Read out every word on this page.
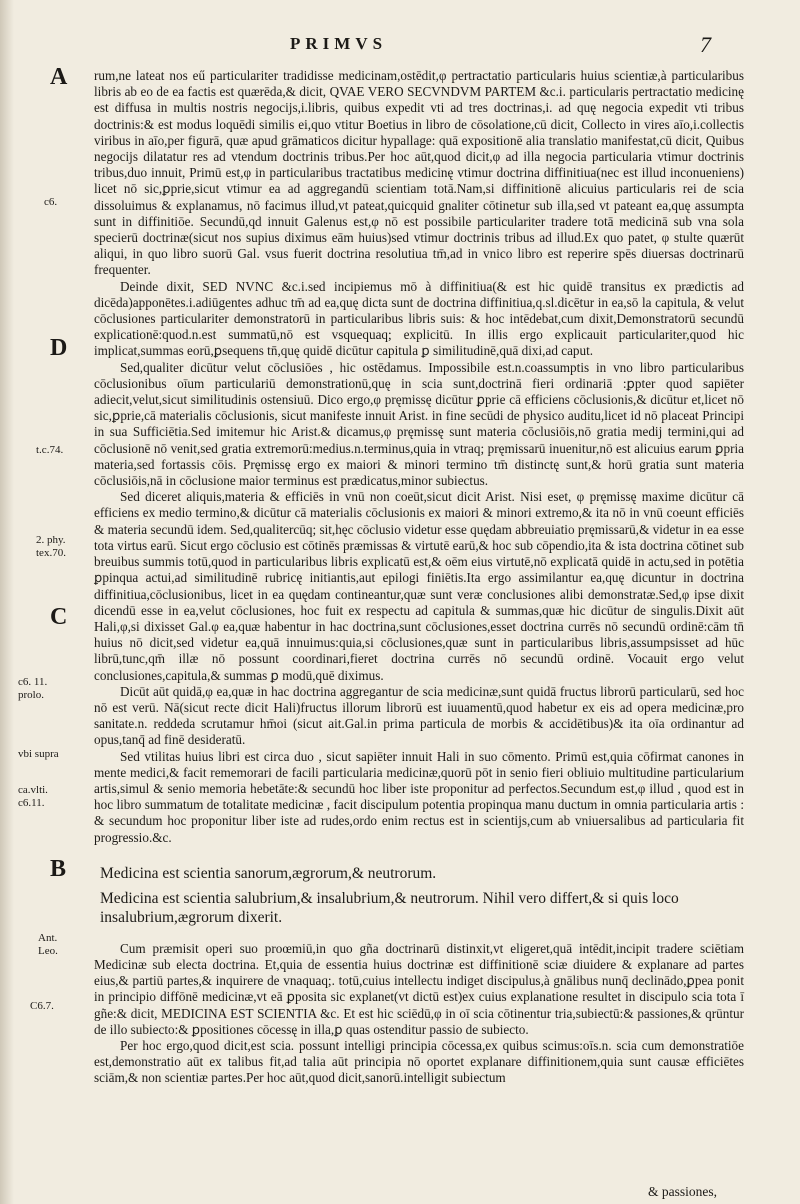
PRIMVS	7
A
D
C
B
c6.
t.c.74.
2. phy.
tex.70.
c6. 11.
prolo.
vbi supra
ca.vlti.
c6.11.
Ant.
Leo.
C6.7.

rum,ne lateat nos eű particulariter tradidisse medicinam,ostēdit,φ pertractatio particularis huius scientiæ,à particularibus libris ab eo de ea factis est quærēda,& dicit, QVAE VERO SECVNDVM PARTEM &c.i. particularis pertractatio medicinę est diffusa in multis nostris negocijs,i.libris, quibus expedit vti ad tres doctrinas,i. ad quę negocia expedit vti tribus doctrinis:& est modus loquēdi similis ei,quo vtitur Boetius in libro de cōsolatione,cū dicit, Collecto in vires aīo,i.collectis viribus in aīo,per figurā, quæ apud grāmaticos dicitur hypallage: quā expositionē alia translatio manifestat,cū dicit, Quibus negocijs dilatatur res ad vtendum doctrinis tribus.Per hoc aūt,quod dicit,φ ad illa negocia particularia vtimur doctrinis tribus,duo innuit, Primū est,φ in particularibus tractatibus medicinę vtimur doctrina diffinitiua(nec est illud inconueniens) licet nō sic,ꝑprie,sicut vtimur ea ad aggregandū scientiam totā.Nam,si diffinitionē alicuius particularis rei de scia dissoluimus & explanamus, nō facimus illud,vt pateat,quicquid gnaliter cōtinetur sub illa,sed vt pateant ea,quę assumpta sunt in diffinitiōe. Secundū,qd innuit Galenus est,φ nō est possibile particulariter tradere totā medicinā sub vna sola specierū doctrinæ(sicut nos supius diximus eām huius)sed vtimur doctrinis tribus ad illud.Ex quo patet, φ stulte quærūt aliqui, in quo libro suorū Gal. vsus fuerit doctrina resolutiua tm̄,ad in vnico libro est reperire spēs diuersas doctrinarū frequenter.

Deinde dixit, SED NVNC &c.i.sed incipiemus mō à diffinitiua(& est hic quidē transitus ex prædictis ad dicēda)apponētes.i.adiūgentes adhuc tm̄ ad ea,quę dicta sunt de doctrina diffinitiua,q.sl.dicētur in ea,sō la capitula, & velut cōclusiones particulariter demonstratorū in particularibus libris suis: & hoc intēdebat,cum dixit,Demonstratorū secundū explicationē:quod.n.est summatū,nō est vsquequaq; explicitū. In illis ergo explicauit particulariter,quod hic implicat,summas eorū,ꝑsequens tn̄,quę quidē dicūtur capitula ꝑ similitudinē,quā dixi,ad caput.

Sed,qualiter dicūtur velut cōclusiōes , hic ostēdamus. Impossibile est.n.coassumptis in vno libro particularibus cōclusionibus oīum particulariū demonstrationū,quę in scia sunt,doctrinā fieri ordinariā :ꝑpter quod sapiēter adiecit,velut,sicut similitudinis ostensiuū. Dico ergo,φ pręmissę dicūtur ꝑprie cā efficiens cōclusionis,& dicūtur et,licet nō sic,ꝑprie,cā materialis cōclusionis, sicut manifeste innuit Arist. in fine secūdi de physico auditu,licet id nō placeat Principi in sua Sufficiētia.Sed imitemur hic Arist.& dicamus,φ pręmissę sunt materia cōclusiōis,nō gratia medij termini,qui ad cōclusionē nō venit,sed gratia extremorū:medius.n.terminus,quia in vtraq; pręmissarū inuenitur,nō est alicuius earum ꝑpria materia,sed fortassis cōis. Pręmissę ergo ex maiori & minori termino tm̄ distinctę sunt,& horū gratia sunt materia cōclusiōis,nā in cōclusione maior terminus est prædicatus,minor subiectus.

Sed diceret aliquis,materia & efficiēs in vnū non coeūt,sicut dicit Arist. Nisi eset, φ pręmissę maxime dicūtur cā efficiens ex medio termino,& dicūtur cā materialis cōclusionis ex maiori & minori extremo,& ita nō in vnū coeunt efficiēs & materia secundū idem. Sed,qualitercūq; sit,hęc cōclusio videtur esse quędam abbreuiatio pręmissarū,& videtur in ea esse tota virtus earū. Sicut ergo cōclusio est cōtinēs præmissas & virtutē earū,& hoc sub cōpendio,ita & ista doctrina cōtinet sub breuibus summis totū,quod in particularibus libris explicatū est,& oēm eius virtutē,nō explicatā quidē in actu,sed in potētia ꝑpinqua actui,ad similitudinē rubricę initiantis,aut epilogi finiētis.Ita ergo assimilantur ea,quę dicuntur in doctrina diffinitiua,cōclusionibus, licet in ea quędam contineantur,quæ sunt veræ conclusiones alibi demonstratæ.Sed,φ ipse dixit dicendū esse in ea,velut cōclusiones, hoc fuit ex respectu ad capitula & summas,quæ hic dicūtur de singulis.Dixit aūt Hali,φ,si dixisset Gal.φ ea,quæ habentur in hac doctrina,sunt cōclusiones,esset doctrina currēs nō secundū ordinē:cām tn̄ huius nō dicit,sed videtur ea,quā innuimus:quia,si cōclusiones,quæ sunt in particularibus libris,assumpsisset ad hūc librū,tunc,qm̄ illæ nō possunt coordinari,fieret doctrina currēs nō secundū ordinē. Vocauit ergo velut conclusiones,capitula,& summas ꝑ modū,quē diximus.

Dicūt aūt quidā,φ ea,quæ in hac doctrina aggregantur de scia medicinæ,sunt quidā fructus librorū particularū, sed hoc nō est verū. Nā(sicut recte dicit Hali)fructus illorum librorū est iuuamentū,quod habetur ex eis ad opera medicinæ,pro sanitate.n. reddeda scrutamur hm̄oi (sicut ait.Gal.in prima particula de morbis & accidētibus)& ita oīa ordinantur ad opus,tanq̄ ad finē desideratū.

Sed vtilitas huius libri est circa duo , sicut sapiēter innuit Hali in suo cōmento. Primū est,quia cōfirmat canones in mente medici,& facit rememorari de facili particularia medicinæ,quorū pōt in senio fieri obliuio multitudine particularium artis,simul & senio memoria hebetāte:& secundū hoc liber iste proponitur ad perfectos.Secundum est,φ illud , quod est in hoc libro summatum de totalitate medicinæ , facit discipulum potentia propinqua manu ductum in omnia particularia artis : & secundum hoc proponitur liber iste ad rudes,ordo enim rectus est in scientijs,cum ab vniuersalibus ad particularia fit progressio.&c.

Medicina est scientia sanorum,ægrorum,& neutrorum.

Medicina est scientia salubrium,& insalubrium,& neutrorum. Nihil vero differt,& si quis loco insalubrium,ægrorum dixerit.

Cum præmisit operi suo proœmiū,in quo gña doctrinarū distinxit,vt eligeret,quā intēdit,incipit tradere sciētiam Medicinæ sub electa doctrina. Et,quia de essentia huius doctrinæ est diffinitionē sciæ diuidere & explanare ad partes eius,& partiū partes,& inquirere de vnaquaq;. totū,cuius intellectu indiget discipulus,à gnālibus nunq̄ declinādo,ꝑpea ponit in principio diffōnē medicinæ,vt eā ꝑposita sic explanet(vt dictū est)ex cuius explanatione resultet in discipulo scia tota ī gñe:& dicit, MEDICINA EST SCIENTIA &c. Et est hic sciēdū,φ in oī scia cōtinentur tria,subiectū:& passiones,& qrūntur de illo subiecto:& ꝑpositiones cōcessę in illa,ꝑ quas ostenditur passio de subiecto.

Per hoc ergo,quod dicit,est scia. possunt intelligi principia cōcessa,ex quibus scimus:oīs.n. scia cum demonstratiōe est,demonstratio aūt ex talibus fit,ad talia aūt principia nō oportet explanare diffinitionem,quia sunt causæ efficiētes sciām,& non scientiæ partes.Per hoc aūt,quod dicit,sanorū.intelligit subiectum

& passiones,
